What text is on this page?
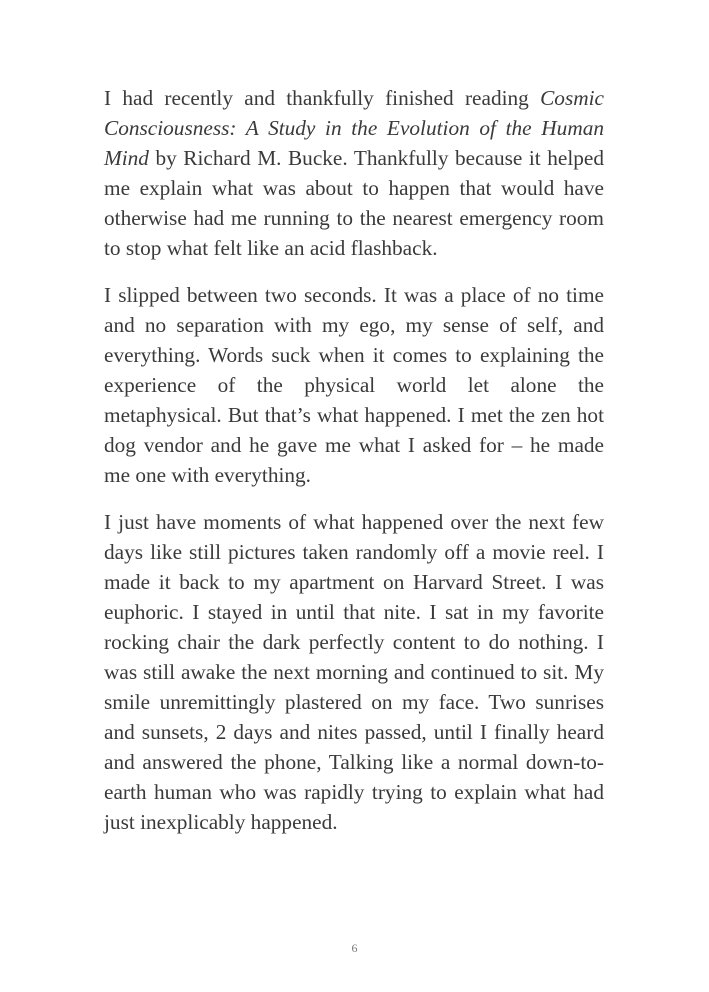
I had recently and thankfully finished reading Cosmic Consciousness: A Study in the Evolution of the Human Mind by Richard M. Bucke. Thankfully because it helped me explain what was about to happen that would have otherwise had me running to the nearest emergency room to stop what felt like an acid flashback.

I slipped between two seconds. It was a place of no time and no separation with my ego, my sense of self, and everything. Words suck when it comes to explaining the experience of the physical world let alone the metaphysical. But that’s what happened. I met the zen hot dog vendor and he gave me what I asked for – he made me one with everything.

I just have moments of what happened over the next few days like still pictures taken randomly off a movie reel. I made it back to my apartment on Harvard Street. I was euphoric. I stayed in until that nite. I sat in my favorite rocking chair the dark perfectly content to do nothing. I was still awake the next morning and continued to sit. My smile unremittingly plastered on my face. Two sunrises and sunsets, 2 days and nites passed, until I finally heard and answered the phone, Talking like a normal down-to-earth human who was rapidly trying to explain what had just inexplicably happened.

6
